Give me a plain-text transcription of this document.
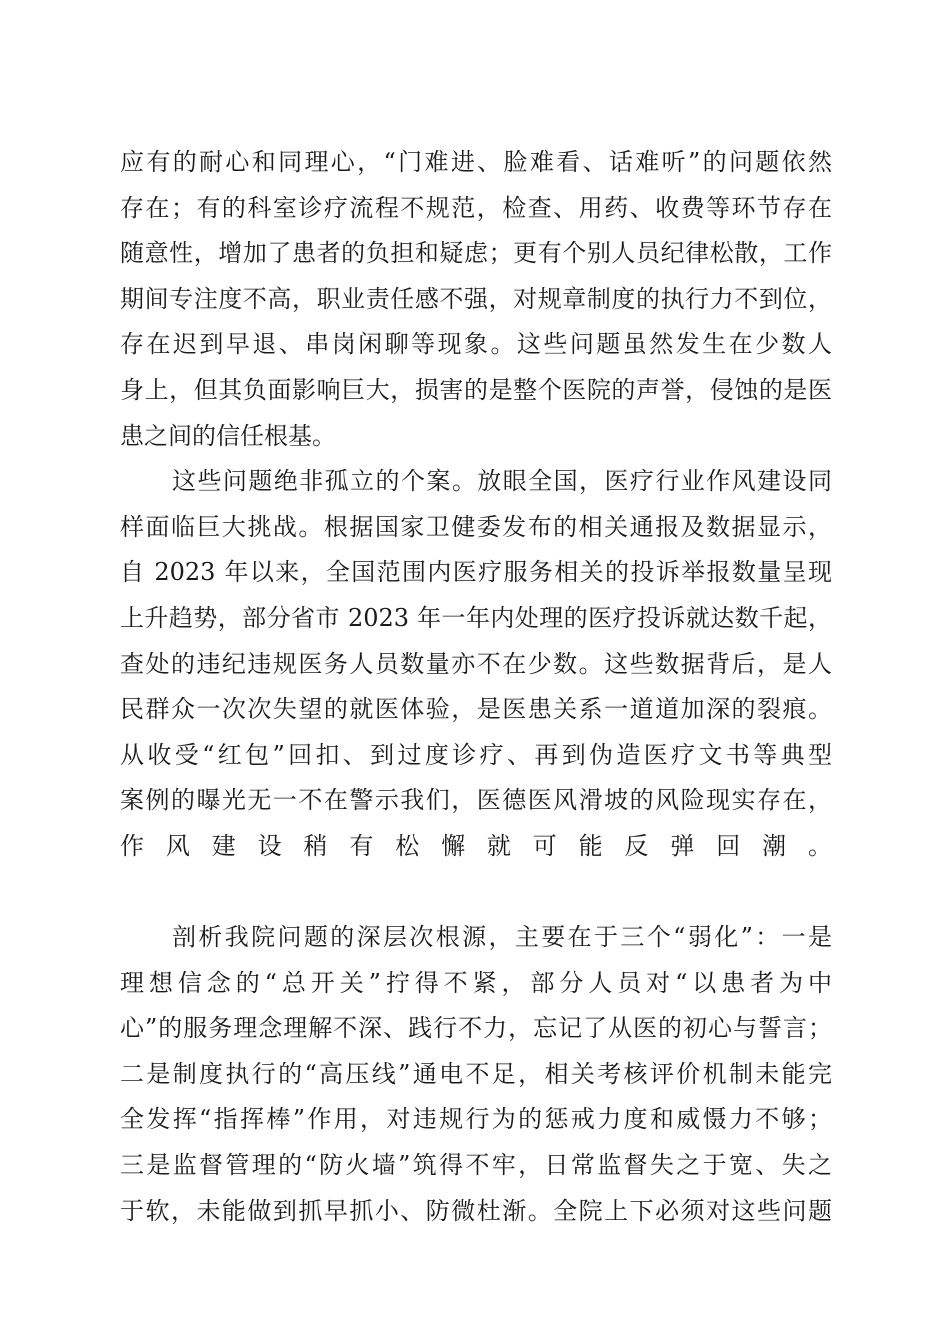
应有的耐心和同理心，“门难进、脸难看、话难听”的问题依然
存在；有的科室诊疗流程不规范，检查、用药、收费等环节存在
随意性，增加了患者的负担和疑虑；更有个别人员纪律松散，工作
期间专注度不高，职业责任感不强，对规章制度的执行力不到位，
存在迟到早退、串岗闲聊等现象。这些问题虽然发生在少数人
身上，但其负面影响巨大，损害的是整个医院的声誉，侵蚀的是医
患之间的信任根基。
这些问题绝非孤立的个案。放眼全国，医疗行业作风建设同
样面临巨大挑战。根据国家卫健委发布的相关通报及数据显示，
自 2023 年以来，全国范围内医疗服务相关的投诉举报数量呈现
上升趋势，部分省市 2023 年一年内处理的医疗投诉就达数千起，
查处的违纪违规医务人员数量亦不在少数。这些数据背后，是人
民群众一次次失望的就医体验，是医患关系一道道加深的裂痕。
从收受“红包”回扣、到过度诊疗、再到伪造医疗文书等典型
案例的曝光无一不在警示我们，医德医风滑坡的风险现实存在，
作风建设稍有松懈就可能反弹回潮。
剖析我院问题的深层次根源，主要在于三个“弱化”：一是
理想信念的“总开关”拧得不紧，部分人员对“以患者为中
心”的服务理念理解不深、践行不力，忘记了从医的初心与誓言；
二是制度执行的“高压线”通电不足，相关考核评价机制未能完
全发挥“指挥棒”作用，对违规行为的惩戒力度和威慑力不够；
三是监督管理的“防火墙”筑得不牢，日常监督失之于宽、失之
于软，未能做到抓早抓小、防微杜渐。全院上下必须对这些问题
